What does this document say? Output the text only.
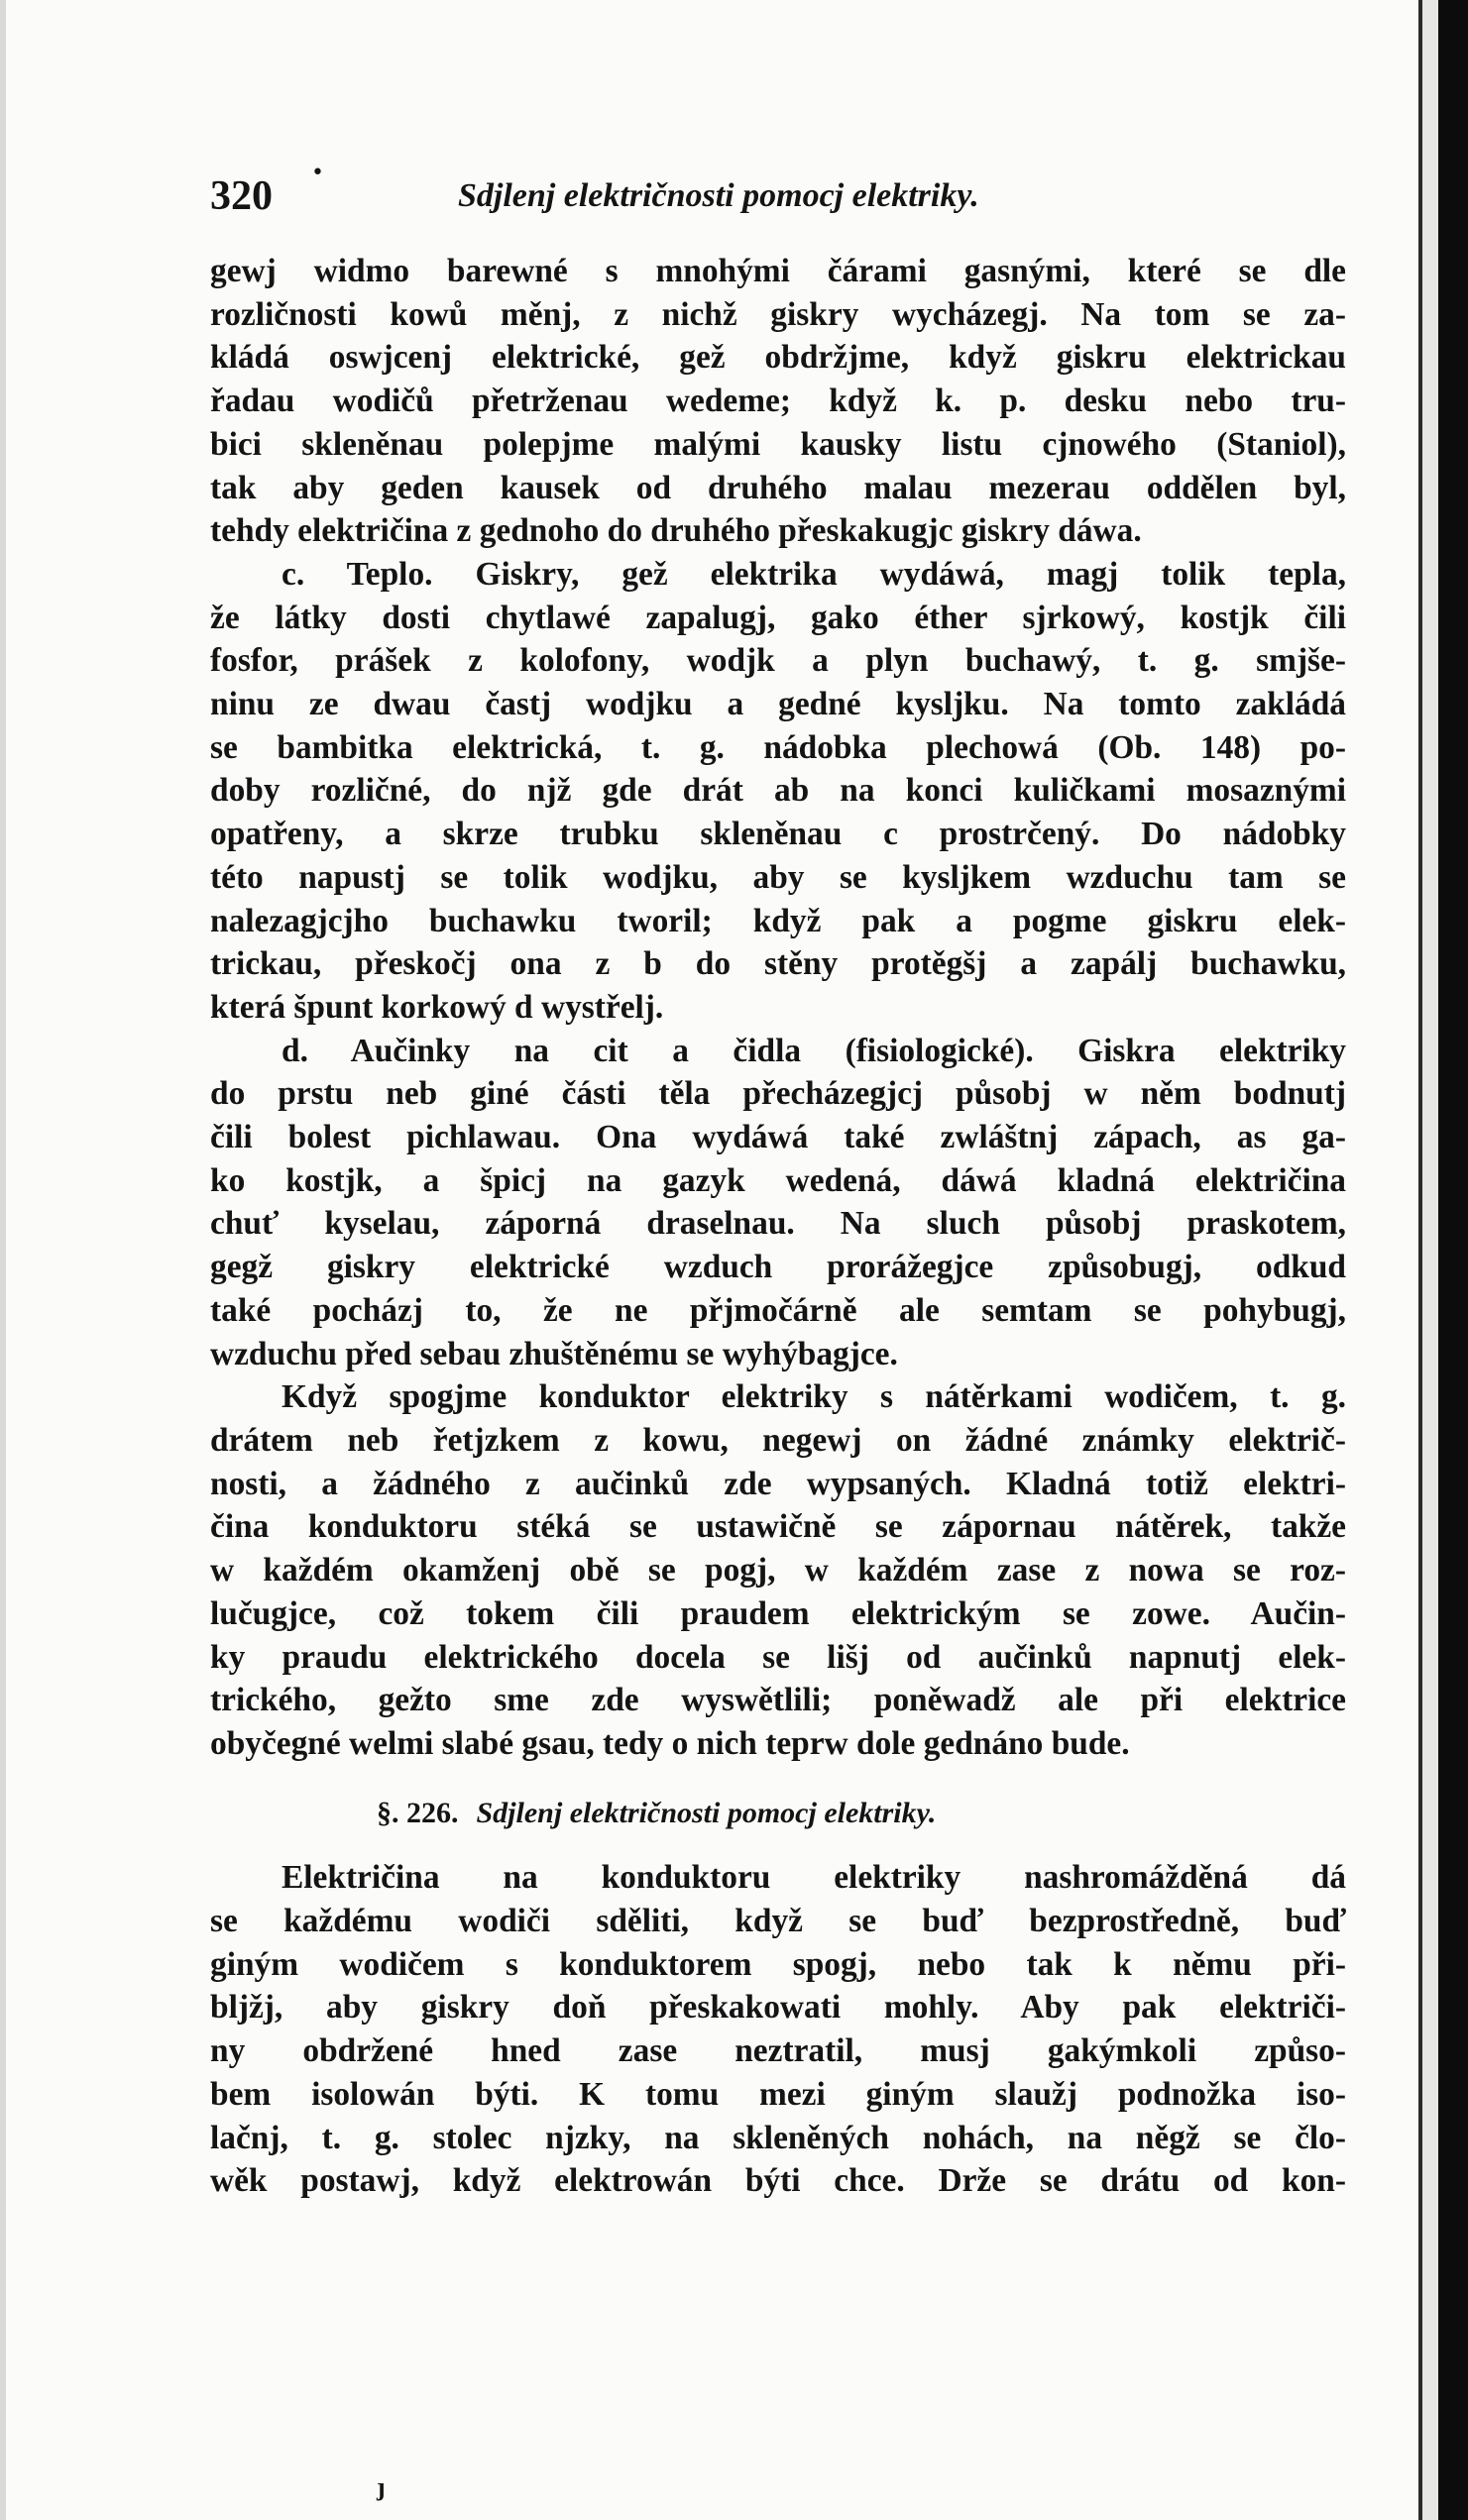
320
•
Sdjlenj električnosti pomocj elektriky.

gewj widmo barewné s mnohými čárami gasnými, které se dle

rozličnosti kowů měnj, z nichž giskry wycházegj. Na tom se za-

kládá oswjcenj elektrické, gež obdržjme, když giskru elektrickau

řadau wodičů přetrženau wedeme; když k. p. desku nebo tru-

bici skleněnau polepjme malými kausky listu cjnowého (Staniol),

tak aby geden kausek od druhého malau mezerau oddělen byl,

tehdy električina z gednoho do druhého přeskakugjc giskry dáwa.

c. Teplo. Giskry, gež elektrika wydáwá, magj tolik tepla,

že látky dosti chytlawé zapalugj, gako éther sjrkowý, kostjk čili

fosfor, prášek z kolofony, wodjk a plyn buchawý, t. g. smjše-

ninu ze dwau častj wodjku a gedné kysljku. Na tomto zakládá

se bambitka elektrická, t. g. nádobka plechowá (Ob. 148) po-

doby rozličné, do njž gde drát ab na konci kuličkami mosaznými

opatřeny, a skrze trubku skleněnau c prostrčený. Do nádobky

této napustj se tolik wodjku, aby se kysljkem wzduchu tam se

nalezagjcjho buchawku tworil; když pak a pogme giskru elek-

trickau, přeskočj ona z b do stěny protěgšj a zapálj buchawku,

která špunt korkowý d wystřelj.

d. Aučinky na cit a čidla (fisiologické). Giskra elektriky

do prstu neb giné části těla přecházegjcj působj w něm bodnutj

čili bolest pichlawau. Ona wydáwá také zwláštnj zápach, as ga-

ko kostjk, a špicj na gazyk wedená, dáwá kladná električina

chuť kyselau, záporná draselnau. Na sluch působj praskotem,

gegž giskry elektrické wzduch prorážegjce způsobugj, odkud

také pocházj to, že ne přjmočárně ale semtam se pohybugj,

wzduchu před sebau zhuštěnému se wyhýbagjce.

Když spogjme konduktor elektriky s nátěrkami wodičem, t. g.

drátem neb řetjzkem z kowu, negewj on žádné známky električ-

nosti, a žádného z aučinků zde wypsaných. Kladná totiž elektri-

čina konduktoru stéká se ustawičně se zápornau nátěrek, takže

w každém okamženj obě se pogj, w každém zase z nowa se roz-

lučugjce, což tokem čili praudem elektrickým se zowe. Aučin-

ky praudu elektrického docela se lišj od aučinků napnutj elek-

trického, gežto sme zde wyswětlili; poněwadž ale při elektrice

obyčegné welmi slabé gsau, tedy o nich teprw dole gednáno bude.

§. 226. Sdjlenj električnosti pomocj elektriky.

Električina na konduktoru elektriky nashromážděná dá

se každému wodiči sděliti, když se buď bezprostředně, buď

giným wodičem s konduktorem spogj, nebo tak k němu při-

bljžj, aby giskry doň přeskakowati mohly. Aby pak električi-

ny obdržené hned zase neztratil, musj gakýmkoli způso-

bem isolowán býti. K tomu mezi giným slaužj podnožka iso-

lačnj, t. g. stolec njzky, na skleněných nohách, na něgž se člo-

wěk postawj, když elektrowán býti chce. Drže se drátu od kon-

ȷ
